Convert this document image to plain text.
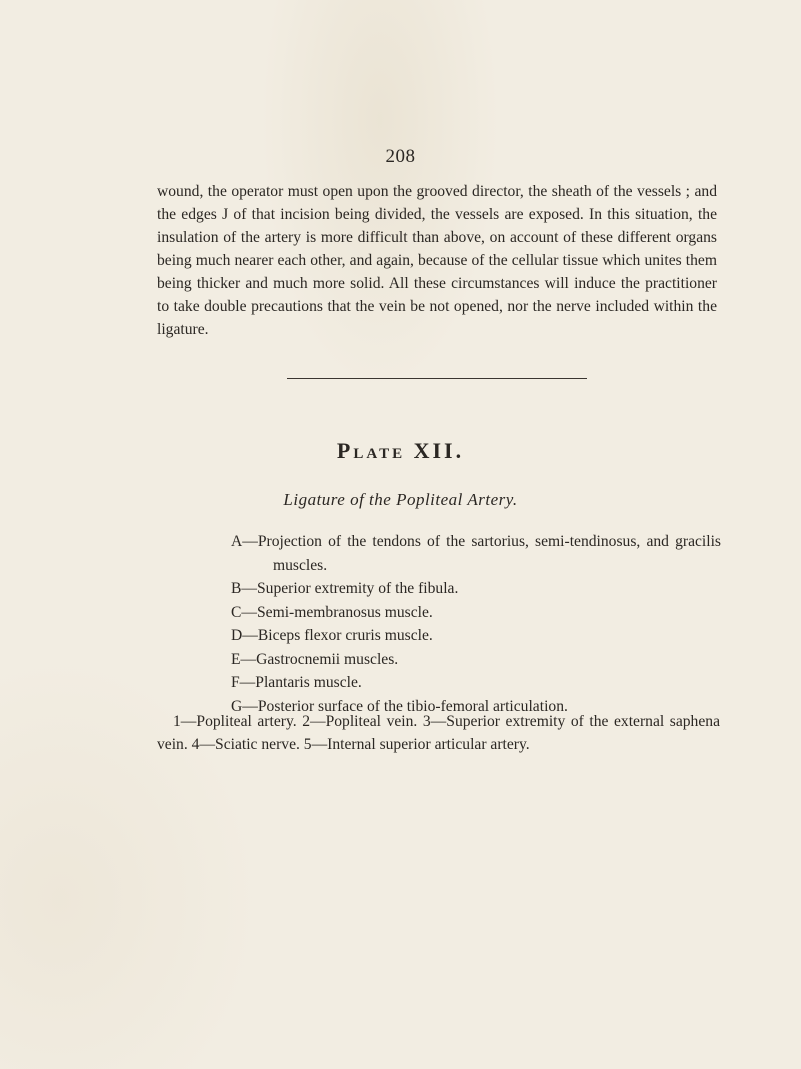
208

wound, the operator must open upon the grooved director, the sheath of the vessels ; and the edges J of that incision being divided, the vessels are exposed. In this situation, the insulation of the artery is more difficult than above, on account of these different organs being much nearer each other, and again, because of the cellular tissue which unites them being thicker and much more solid. All these circumstances will induce the practitioner to take double precautions that the vein be not opened, nor the nerve included within the ligature.

Plate XII.
Ligature of the Popliteal Artery.

A—Projection of the tendons of the sartorius, semi-tendinosus, and gracilis muscles.

B—Superior extremity of the fibula.

C—Semi-membranosus muscle.

D—Biceps flexor cruris muscle.

E—Gastrocnemii muscles.

F—Plantaris muscle.

G—Posterior surface of the tibio-femoral articulation.

1—Popliteal artery. 2—Popliteal vein. 3—Superior extremity of the external saphena vein. 4—Sciatic nerve. 5—Internal superior articular artery.
